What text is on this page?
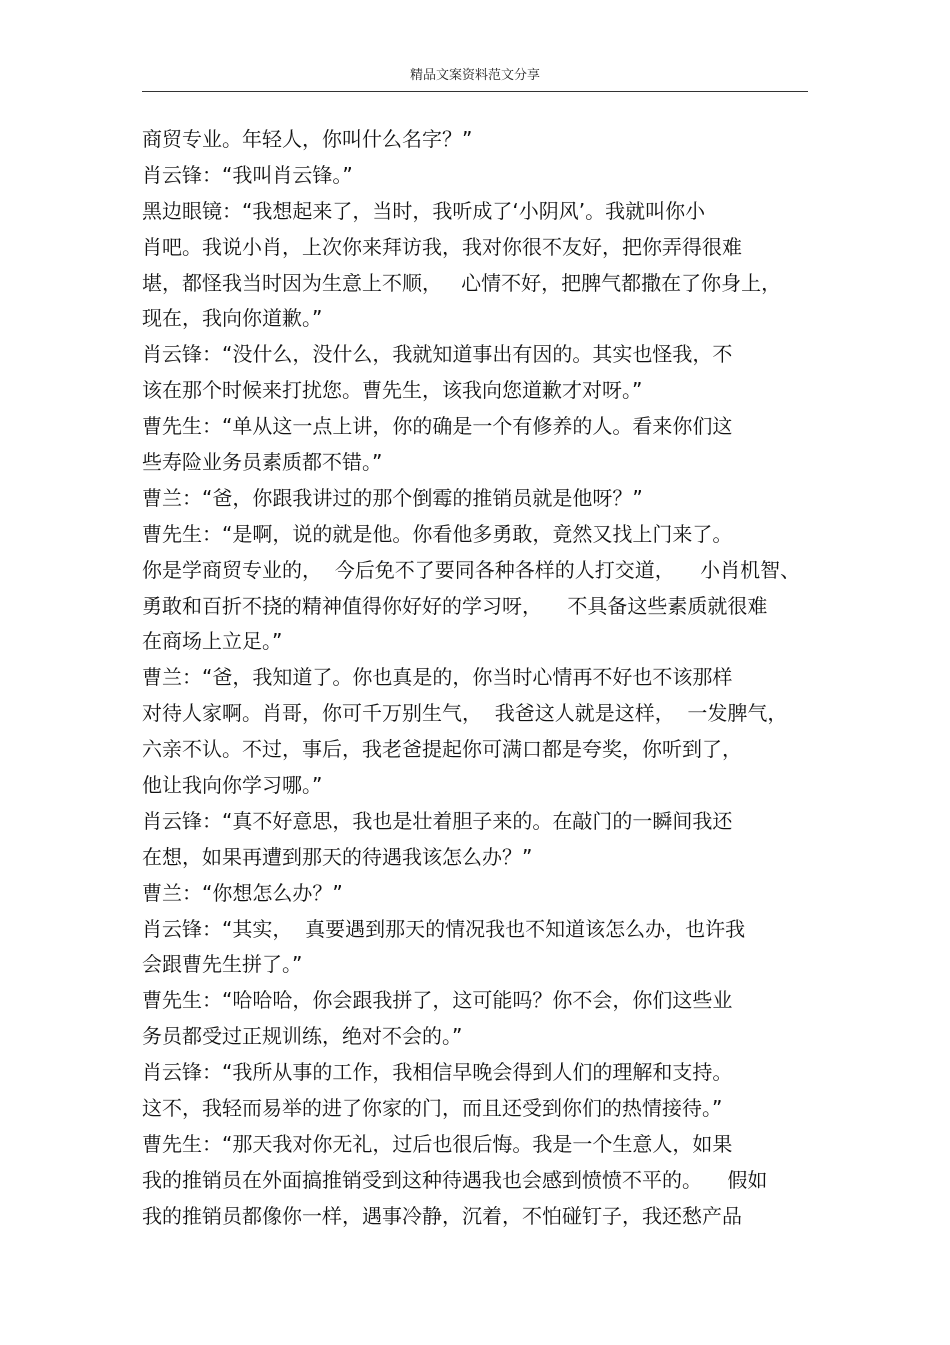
精品文案资料范文分享
商贸专业。年轻人，你叫什么名字？”
肖云锋：“我叫肖云锋。”
黑边眼镜：“我想起来了，当时，我听成了‘小阴风’。我就叫你小
肖吧。我说小肖，上次你来拜访我，我对你很不友好，把你弄得很难
堪，都怪我当时因为生意上不顺，   心情不好，把脾气都撒在了你身上，
现在，我向你道歉。”
肖云锋：“没什么，没什么，我就知道事出有因的。其实也怪我，不
该在那个时候来打扰您。曹先生，该我向您道歉才对呀。”
曹先生：“单从这一点上讲，你的确是一个有修养的人。看来你们这
些寿险业务员素质都不错。”
曹兰：“爸，你跟我讲过的那个倒霉的推销员就是他呀？”
曹先生：“是啊，说的就是他。你看他多勇敢，竟然又找上门来了。
你是学商贸专业的，  今后免不了要同各种各样的人打交道，    小肖机智、
勇敢和百折不挠的精神值得你好好的学习呀，    不具备这些素质就很难
在商场上立足。”
曹兰：“爸，我知道了。你也真是的，你当时心情再不好也不该那样
对待人家啊。肖哥，你可千万别生气，  我爸这人就是这样，  一发脾气，
六亲不认。不过，事后，我老爸提起你可满口都是夸奖，你听到了，
他让我向你学习哪。”
肖云锋：“真不好意思，我也是壮着胆子来的。在敲门的一瞬间我还
在想，如果再遭到那天的待遇我该怎么办？”
曹兰：“你想怎么办？”
肖云锋：“其实，  真要遇到那天的情况我也不知道该怎么办，也许我
会跟曹先生拼了。”
曹先生：“哈哈哈，你会跟我拼了，这可能吗？你不会，你们这些业
务员都受过正规训练，绝对不会的。”
肖云锋：“我所从事的工作，我相信早晚会得到人们的理解和支持。
这不，我轻而易举的进了你家的门，而且还受到你们的热情接待。”
曹先生：“那天我对你无礼，过后也很后悔。我是一个生意人，如果
我的推销员在外面搞推销受到这种待遇我也会感到愤愤不平的。    假如
我的推销员都像你一样，遇事冷静，沉着，不怕碰钉子，我还愁产品
